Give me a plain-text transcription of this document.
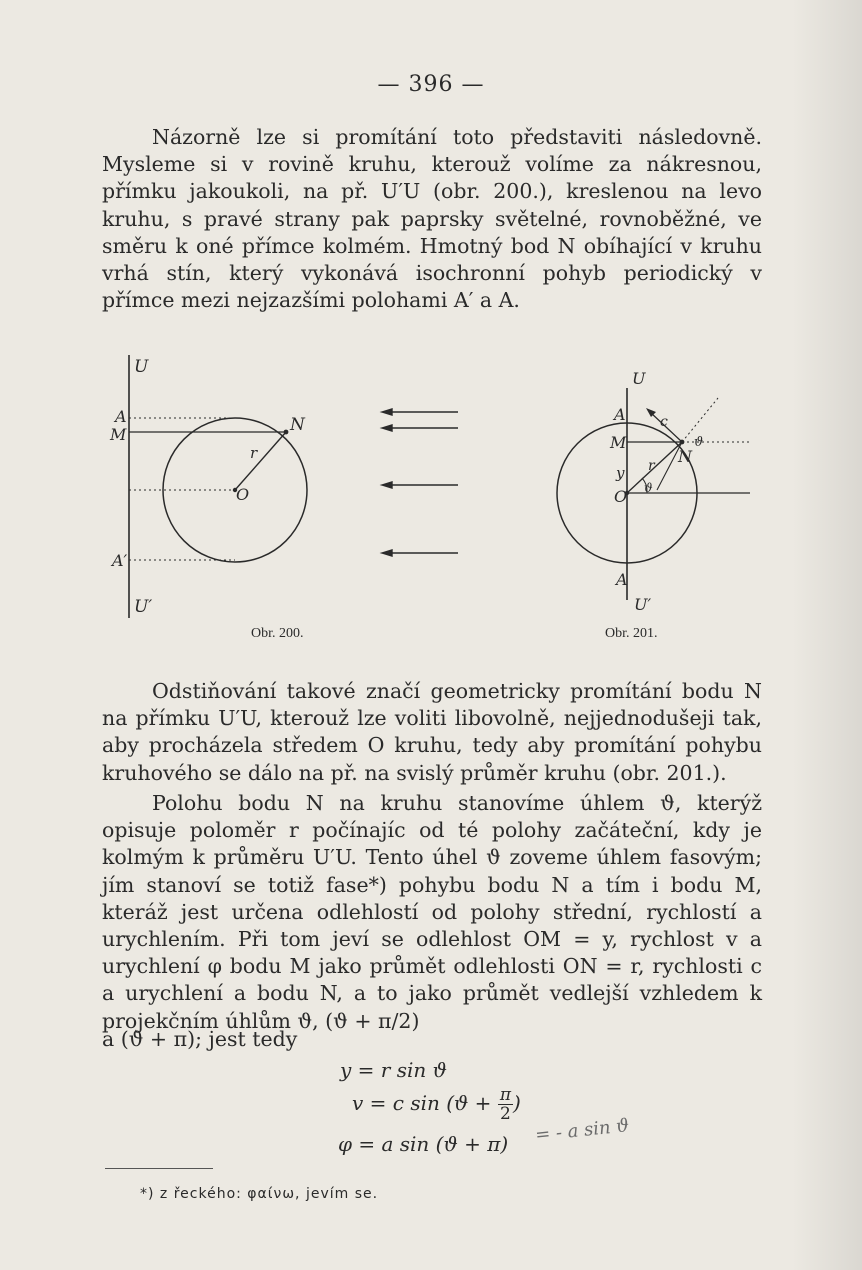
— 396 —

Názorně lze si promítání toto představiti následovně. Mysleme si v rovině kruhu, kterouž volíme za nákresnou, přímku jakoukoli, na př. U′U (obr. 200.), kreslenou na levo kruhu, s pravé strany pak paprsky světelné, rovnoběžné, ve směru k oné přímce kolmém. Hmotný bod N obíhající v kruhu vrhá stín, který vykonává isochronní pohyb periodický v přímce mezi nejzazšími polohami A′ a A.

U
A
M	N
r
O
A′
U′
U
A c
M	ϑ
N
y r
O ϑ
A
U′
Obr. 200.	Obr. 201.

Odstiňování takové značí geometricky promítání bodu N na přímku U′U, kterouž lze voliti libovolně, nejjednodušeji tak, aby procházela středem O kruhu, tedy aby promítání pohybu kruhového se dálo na př. na svislý průměr kruhu (obr. 201.).

Polohu bodu N na kruhu stanovíme úhlem ϑ, kterýž opisuje poloměr r počínajíc od té polohy začáteční, kdy je kolmým k průměru U′U. Tento úhel ϑ zoveme úhlem fasovým; jím stanoví se totiž fase*) pohybu bodu N a tím i bodu M, kteráž jest určena odlehlostí od polohy střední, rychlostí a urychlením. Při tom jeví se odlehlost OM = y, rychlost v a urychlení φ bodu M jako průmět odlehlosti ON = r, rychlosti c a urychlení a bodu N, a to jako průmět vedlejší vzhledem k projekčním úhlům ϑ, (ϑ + π/2)

a (ϑ + π); jest tedy

y = r sin ϑ
v = c $\sin (ϑ + \frac{\pi}{2}$ )
φ = a sin (ϑ + π) = - a sin ϑ
*) z řeckého: φαίνω, jevím se.
